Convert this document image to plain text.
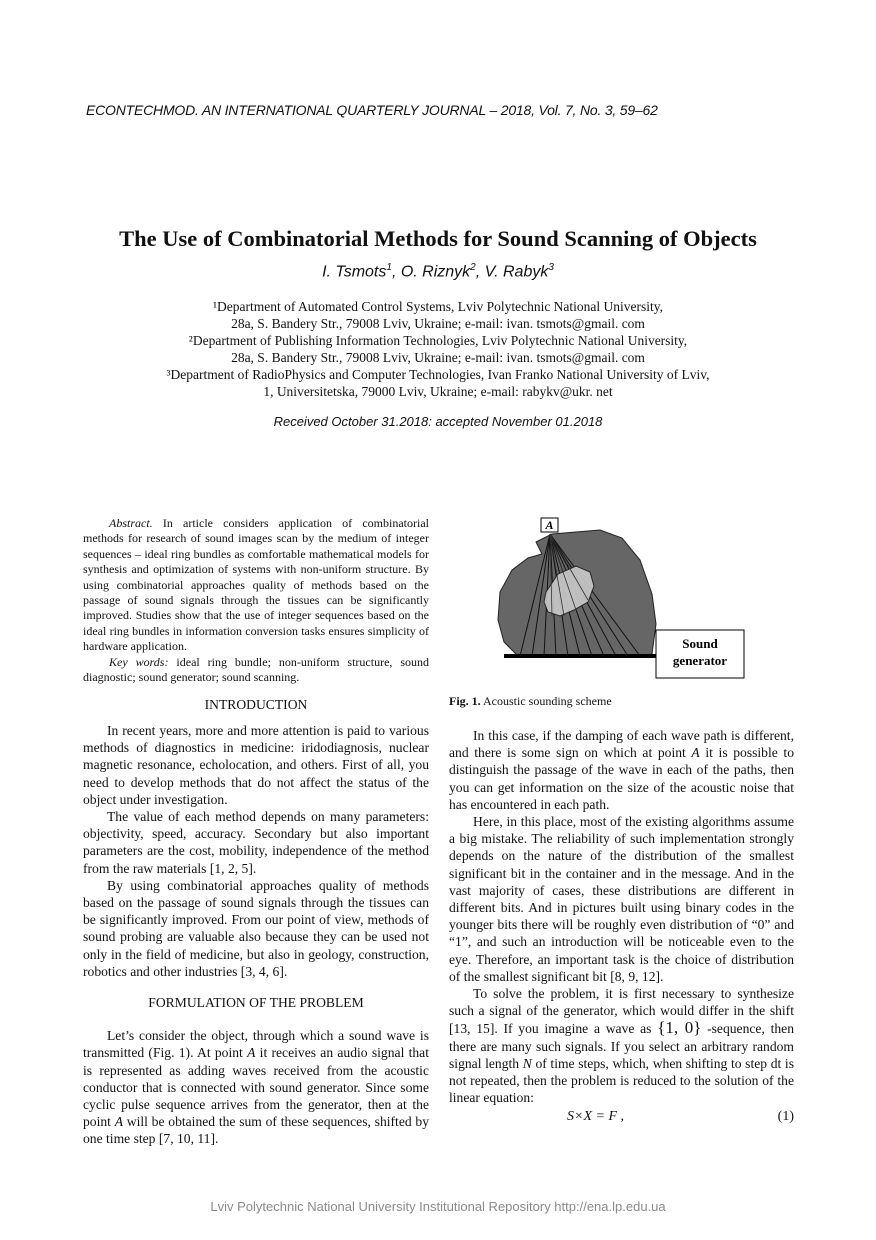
ECONTECHMOD. AN INTERNATIONAL QUARTERLY JOURNAL – 2018, Vol. 7, No. 3, 59–62
The Use of Combinatorial Methods for Sound Scanning of Objects
I. Tsmots$^1$, O. Riznyk$^2$, V. Rabyk$^3$

¹Department of Automated Control Systems, Lviv Polytechnic National University,

28a, S. Bandery Str., 79008 Lviv, Ukraine; e-mail: ivan. tsmots@gmail. com

²Department of Publishing Information Technologies, Lviv Polytechnic National University,

28a, S. Bandery Str., 79008 Lviv, Ukraine; e-mail: ivan. tsmots@gmail. com

³Department of RadioPhysics and Computer Technologies, Ivan Franko National University of Lviv,

1, Universitetska, 79000 Lviv, Ukraine; e-mail: rabykv@ukr. net

Received October 31.2018: accepted November 01.2018

Abstract. In article considers application of combinatorial methods for research of sound images scan by the medium of integer sequences – ideal ring bundles as comfortable mathematical models for synthesis and optimization of systems with non-uniform structure. By using combinatorial approaches quality of methods based on the passage of sound signals through the tissues can be significantly improved. Studies show that the use of integer sequences based on the ideal ring bundles in information conversion tasks ensures simplicity of hardware application.

Key words: ideal ring bundle; non-uniform structure, sound diagnostic; sound generator; sound scanning.

INTRODUCTION

In recent years, more and more attention is paid to various methods of diagnostics in medicine: iridodiagnosis, nuclear magnetic resonance, echolocation, and others. First of all, you need to develop methods that do not affect the status of the object under investigation.

The value of each method depends on many parameters: objectivity, speed, accuracy. Secondary but also important parameters are the cost, mobility, independence of the method from the raw materials [1, 2, 5].

By using combinatorial approaches quality of methods based on the passage of sound signals through the tissues can be significantly improved. From our point of view, methods of sound probing are valuable also because they can be used not only in the field of medicine, but also in geology, construction, robotics and other industries [3, 4, 6].

FORMULATION OF THE PROBLEM

Let’s consider the object, through which a sound wave is transmitted (Fig. 1). At point A it receives an audio signal that is represented as adding waves received from the acoustic conductor that is connected with sound generator. Since some cyclic pulse sequence arrives from the generator, then at the point A will be obtained the sum of these sequences, shifted by one time step [7, 10, 11].

A
Sound
generator
Fig. 1. Acoustic sounding scheme

In this case, if the damping of each wave path is different, and there is some sign on which at point A it is possible to distinguish the passage of the wave in each of the paths, then you can get information on the size of the acoustic noise that has encountered in each path.

Here, in this place, most of the existing algorithms assume a big mistake. The reliability of such implementation strongly depends on the nature of the distribution of the smallest significant bit in the container and in the message. And in the vast majority of cases, these distributions are different in different bits. And in pictures built using binary codes in the younger bits there will be roughly even distribution of “0” and “1”, and such an introduction will be noticeable even to the eye. Therefore, an important task is the choice of distribution of the smallest significant bit [8, 9, 12].

To solve the problem, it is first necessary to synthesize such a signal of the generator, which would differ in the shift [13, 15]. If you imagine a wave as {1, 0} -sequence, then there are many such signals. If you select an arbitrary random signal length N of time steps, which, when shifting to step dt is not repeated, then the problem is reduced to the solution of the linear equation:

S×X = F ,	(1)
Lviv Polytechnic National University Institutional Repository http://ena.lp.edu.ua
